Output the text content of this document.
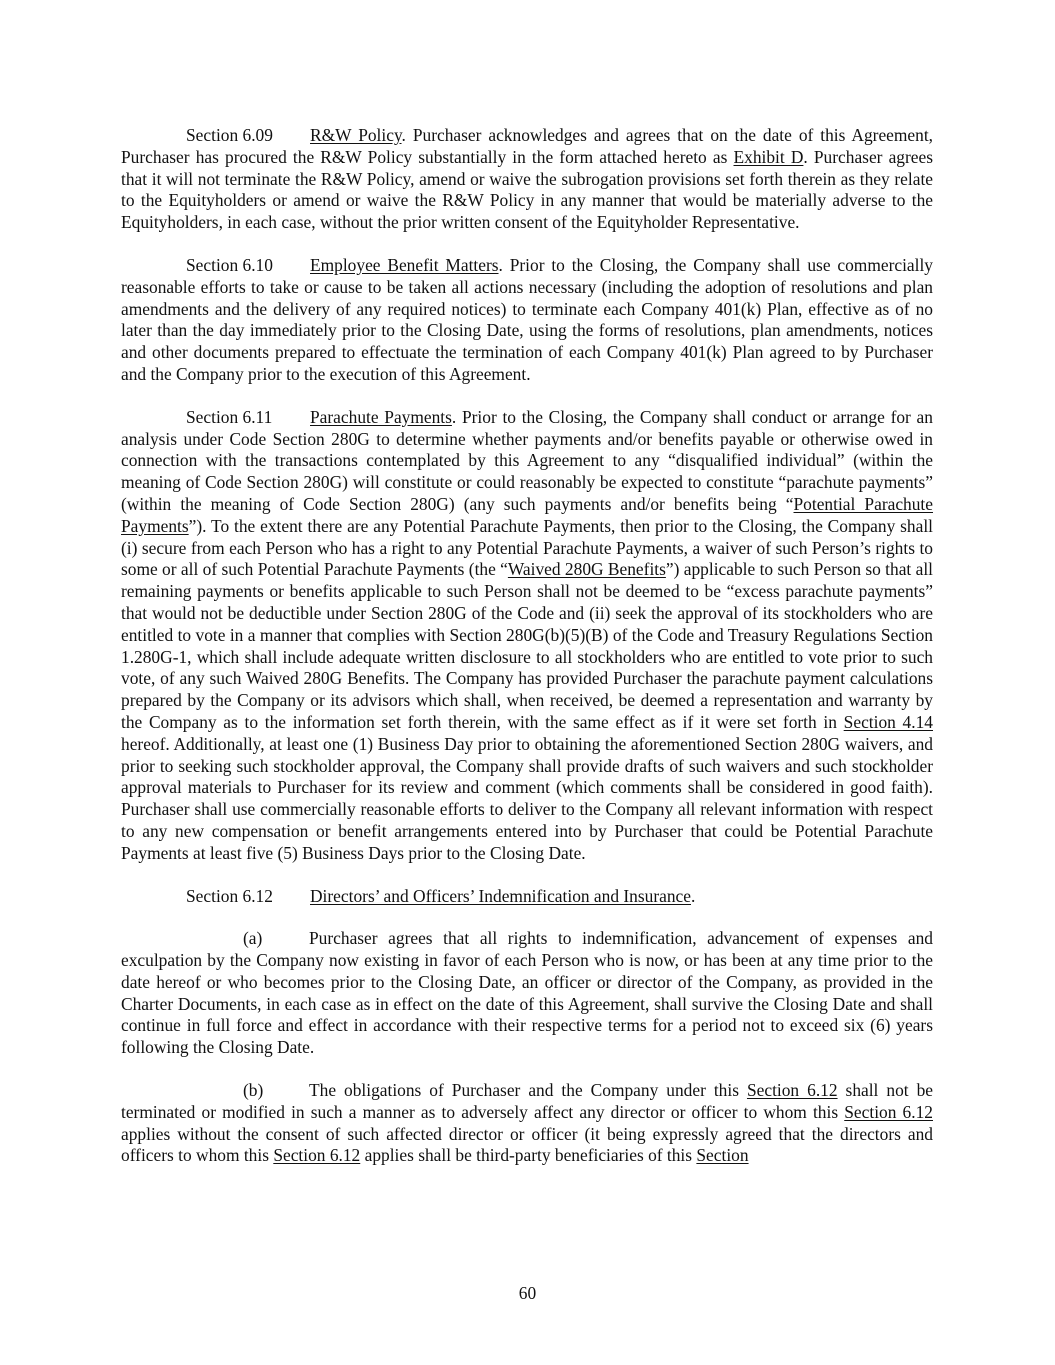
Section 6.09 R&W Policy. Purchaser acknowledges and agrees that on the date of this Agreement, Purchaser has procured the R&W Policy substantially in the form attached hereto as Exhibit D. Purchaser agrees that it will not terminate the R&W Policy, amend or waive the subrogation provisions set forth therein as they relate to the Equityholders or amend or waive the R&W Policy in any manner that would be materially adverse to the Equityholders, in each case, without the prior written consent of the Equityholder Representative.

Section 6.10 Employee Benefit Matters. Prior to the Closing, the Company shall use commercially reasonable efforts to take or cause to be taken all actions necessary (including the adoption of resolutions and plan amendments and the delivery of any required notices) to terminate each Company 401(k) Plan, effective as of no later than the day immediately prior to the Closing Date, using the forms of resolutions, plan amendments, notices and other documents prepared to effectuate the termination of each Company 401(k) Plan agreed to by Purchaser and the Company prior to the execution of this Agreement.

Section 6.11 Parachute Payments. Prior to the Closing, the Company shall conduct or arrange for an analysis under Code Section 280G to determine whether payments and/or benefits payable or otherwise owed in connection with the transactions contemplated by this Agreement to any “disqualified individual” (within the meaning of Code Section 280G) will constitute or could reasonably be expected to constitute “parachute payments” (within the meaning of Code Section 280G) (any such payments and/or benefits being “Potential Parachute Payments”). To the extent there are any Potential Parachute Payments, then prior to the Closing, the Company shall (i) secure from each Person who has a right to any Potential Parachute Payments, a waiver of such Person’s rights to some or all of such Potential Parachute Payments (the “Waived 280G Benefits”) applicable to such Person so that all remaining payments or benefits applicable to such Person shall not be deemed to be “excess parachute payments” that would not be deductible under Section 280G of the Code and (ii) seek the approval of its stockholders who are entitled to vote in a manner that complies with Section 280G(b)(5)(B) of the Code and Treasury Regulations Section 1.280G-1, which shall include adequate written disclosure to all stockholders who are entitled to vote prior to such vote, of any such Waived 280G Benefits. The Company has provided Purchaser the parachute payment calculations prepared by the Company or its advisors which shall, when received, be deemed a representation and warranty by the Company as to the information set forth therein, with the same effect as if it were set forth in Section 4.14 hereof. Additionally, at least one (1) Business Day prior to obtaining the aforementioned Section 280G waivers, and prior to seeking such stockholder approval, the Company shall provide drafts of such waivers and such stockholder approval materials to Purchaser for its review and comment (which comments shall be considered in good faith). Purchaser shall use commercially reasonable efforts to deliver to the Company all relevant information with respect to any new compensation or benefit arrangements entered into by Purchaser that could be Potential Parachute Payments at least five (5) Business Days prior to the Closing Date.

Section 6.12 Directors’ and Officers’ Indemnification and Insurance.

(a)	Purchaser agrees that all rights to indemnification, advancement of expenses and exculpation by the Company now existing in favor of each Person who is now, or has been at any time prior to the date hereof or who becomes prior to the Closing Date, an officer or director of the Company, as provided in the Charter Documents, in each case as in effect on the date of this Agreement, shall survive the Closing Date and shall continue in full force and effect in accordance with their respective terms for a period not to exceed six (6) years following the Closing Date.

(b)	The obligations of Purchaser and the Company under this Section 6.12 shall not be terminated or modified in such a manner as to adversely affect any director or officer to whom this Section 6.12 applies without the consent of such affected director or officer (it being expressly agreed that the directors and officers to whom this Section 6.12 applies shall be third-party beneficiaries of this Section

60
